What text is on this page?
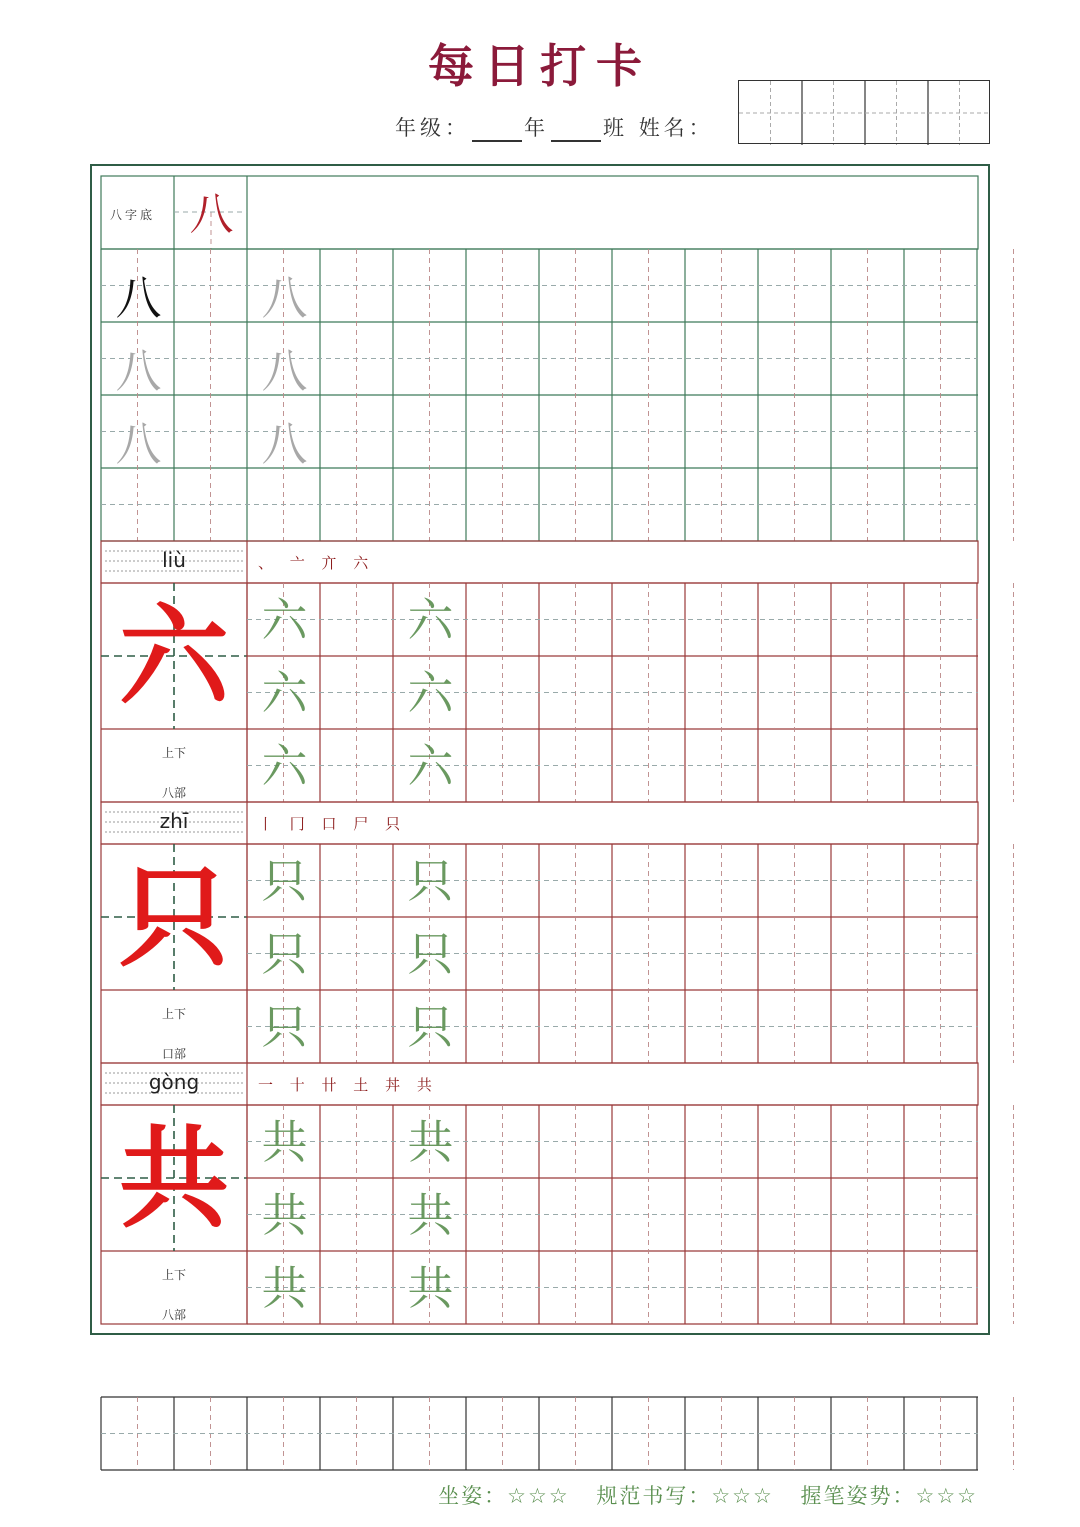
每日打卡
年级：	年	班 姓名：
八字底 八
八 八
八 八
八 八
liù	、 亠 亣 六
六
上下
八部
六 六
六 六
六 六
zhī	丨 冂 口 尸 只
只
上下
口部
只 只
只 只
只 只
gòng	一 十 卄 土 丼 共
共
上下
八部
共 共
共 共
共 共
坐姿：☆☆☆ 规范书写：☆☆☆ 握笔姿势：☆☆☆
